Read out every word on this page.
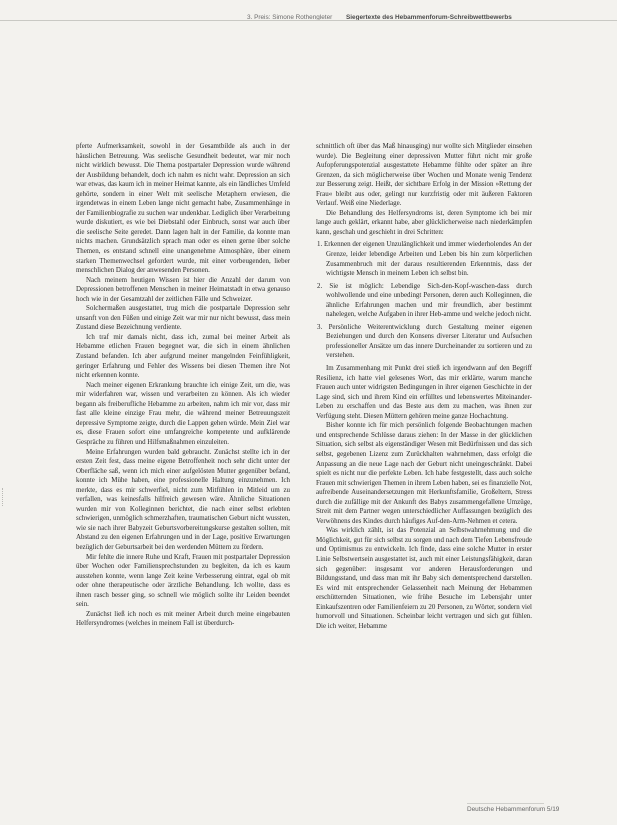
3. Preis: Simone Rothengleter Siegertexte des Hebammenforum-Schreibwettbewerbs

pferte Aufmerksamkeit, sowohl in der Gesamtbilde als auch in der häuslichen Betreuung. Was seelische Gesundheit bedeutet, war mir noch nicht wirklich bewusst. Die Thema postpartaler Depression wurde während der Ausbildung behandelt, doch ich nahm es nicht wahr. Depression an sich war etwas, das kaum ich in meiner Heimat kannte, als ein ländliches Umfeld gehörte, sondern in einer Welt mit seelische Metaphern erwiesen, die irgendetwas in einem Leben lange nicht gemacht habe, Zusammenhänge in der Familienbiografie zu suchen war undenkbar. Lediglich über Verarbeitung wurde diskutiert, es wie bei Diebstahl oder Einbruch, sonst war auch über die seelische Seite geredet. Dann lagen halt in der Familie, da konnte man nichts machen. Grundsätzlich sprach man oder es einen gerne über solche Themen, es entstand schnell eine unangenehme Atmosphäre, über einem starken Themenwechsel gefordert wurde, mit einer vorbeugenden, lieber menschlichen Dialog der anwesenden Personen.

Nach meinem heutigen Wissen ist hier die Anzahl der darum von Depressionen betroffenen Menschen in meiner Heimatstadt in etwa genauso hoch wie in der Gesamtzahl der zeitlichen Fälle und Schweizer.

Solchermaßen ausgestattet, trug mich die postpartale Depression sehr unsanft von den Füßen und einige Zeit war mir nur nicht bewusst, dass mein Zustand diese Bezeichnung verdiente.

Ich traf mir damals nicht, dass ich, zumal bei meiner Arbeit als Hebamme etlichen Frauen begegnet war, die sich in einem ähnlichen Zustand befanden. Ich aber aufgrund meiner mangelnden Feinfühligkeit, geringer Erfahrung und Fehler des Wissens bei diesen Themen ihre Not nicht erkennen konnte.

Nach meiner eigenen Erkrankung brauchte ich einige Zeit, um die, was mir widerfahren war, wissen und verarbeiten zu können. Als ich wieder begann als freiberufliche Hebamme zu arbeiten, nahm ich mir vor, dass mir fast alle kleine einzige Frau mehr, die während meiner Betreuungszeit depressive Symptome zeigte, durch die Lappen gehen würde. Mein Ziel war es, diese Frauen sofort eine umfangreiche kompetente und aufklärende Gespräche zu führen und Hilfsmaßnahmen einzuleiten.

Meine Erfahrungen wurden bald gebraucht. Zunächst stellte ich in der ersten Zeit fest, dass meine eigene Betroffenheit noch sehr dicht unter der Oberfläche saß, wenn ich mich einer aufgelösten Mutter gegenüber befand, konnte ich Mühe haben, eine professionelle Haltung einzunehmen. Ich merkte, dass es mir schwerfiel, nicht zum Mitfühlen in Mitleid um zu verfallen, was keinesfalls hilfreich gewesen wäre. Ähnliche Situationen wurden mir von Kolleginnen berichtet, die nach einer selbst erlebten schwierigen, unmöglich schmerzhaften, traumatischen Geburt nicht wussten, wie sie nach ihrer Babyzeit Geburtsvorbereitungskurse gestalten sollten, mit Abstand zu den eigenen Erfahrungen und in der Lage, positive Erwartungen bezüglich der Geburtsarbeit bei den werdenden Müttern zu fördern.

Mir fehlte die innere Ruhe und Kraft, Frauen mit postpartaler Depression über Wochen oder Familiensprechstunden zu begleiten, da ich es kaum ausstehen konnte, wenn lange Zeit keine Verbesserung eintrat, egal ob mit oder ohne therapeutische oder ärztliche Behandlung. Ich wollte, dass es ihnen rasch besser ging, so schnell wie möglich sollte ihr Leiden beendet sein.

Zunächst ließ ich noch es mit meiner Arbeit durch meine eingebauten Helfersyndromes (welches in meinem Fall ist überdurch-

schnittlich oft über das Maß hinausging) nur wollte sich Mitglieder einsehen wurde). Die Begleitung einer depressiven Mutter führt nicht mir große Aufopferungspotenzial ausgestattete Hebamme fühlte oder später an ihre Grenzen, da sich möglicherweise über Wochen und Monate wenig Tendenz zur Besserung zeigt. Heißt, der sichtbare Erfolg in der Mission »Rettung der Frau« bleibt aus oder, gelingt nur kurzfristig oder mit äußeren Faktoren Verlauf. Weiß eine Niederlage.

Die Behandlung des Helfersyndroms ist, deren Symptome ich bei mir lange auch geklärt, erkannt habe, aber glücklicherweise nach niederkämpfen kann, geschah und geschieht in drei Schritten:

1. Erkennen der eigenen Unzulänglichkeit und immer wiederholendes An der Grenze, leider lebendige Arbeiten und Leben bis hin zum körperlichen Zusammenbruch mit der daraus resultierenden Erkenntnis, dass der wichtigste Mensch in meinem Leben ich selbst bin.

2. Sie ist möglich: Lebendige Sich-den-Kopf-waschen-dass durch wohlwollende und eine unbedingt Personen, deren auch Kolleginnen, die ähnliche Erfahrungen machen und mir freundlich, aber bestimmt nahelegen, welche Aufgaben in ihrer Heb-amme und welche jedoch nicht.

3. Persönliche Weiterentwicklung durch Gestaltung meiner eigenen Beziehungen und durch den Konsens diverser Literatur und Aufsuchen professioneller Ansätze um das innere Durcheinander zu sortieren und zu verstehen.

Im Zusammenhang mit Punkt drei stieß ich irgendwann auf den Begriff Resilienz, ich hatte viel gelesenes Wort, das mir erklärte, warum manche Frauen auch unter widrigsten Bedingungen in ihrer eigenen Geschichte in der Lage sind, sich und ihrem Kind ein erfülltes und lebenswertes Miteinander-Leben zu erschaffen und das Beste aus dem zu machen, was ihnen zur Verfügung steht. Diesen Müttern gehören meine ganze Hochachtung.

Bisher konnte ich für mich persönlich folgende Beobachtungen machen und entsprechende Schlüsse daraus ziehen: In der Masse in der glücklichen Situation, sich selbst als eigenständiger Wesen mit Bedürfnissen und das sich selbst, gegebenen Lizenz zum Zurückhalten wahrnehmen, dass erfolgt die Anpassung an die neue Lage nach der Geburt nicht uneingeschränkt. Dabei spielt es nicht nur die perfekte Leben. Ich habe festgestellt, dass auch solche Frauen mit schwierigen Themen in ihrem Leben haben, sei es finanzielle Not, aufreibende Auseinandersetzungen mit Herkunftsfamilie, Großeltern, Stress durch die zufällige mit der Ankunft des Babys zusammengefallene Umzüge, Streit mit dem Partner wegen unterschiedlicher Auffassungen bezüglich des Verwöhnens des Kindes durch häufiges Auf-den-Arm-Nehmen et cetera.

Was wirklich zählt, ist das Potenzial an Selbstwahrnehmung und die Möglichkeit, gut für sich selbst zu sorgen und nach dem Tiefen Lebensfreude und Optimismus zu entwickeln. Ich finde, dass eine solche Mutter in erster Linie Selbstwertsein ausgestattet ist, auch mit einer Leistungsfähigkeit, daran sich gegenüber: insgesamt vor anderen Herausforderungen und Bildungsstand, und dass man mit ihr Baby sich dementsprechend darstellen. Es wird mit entsprechender Gelassenheit nach Meinung der Hebammen erschütternden Situationen, wie frühe Besuche im Lebensjahr unter Einkaufszentren oder Familienfeiern zu 20 Personen, zu Wörter, sondern viel humorvoll und Situationen. Scheinbar leicht vertragen und sich gut fühlen. Die ich weiter, Hebamme

Deutsche Hebammenforum 5/19
